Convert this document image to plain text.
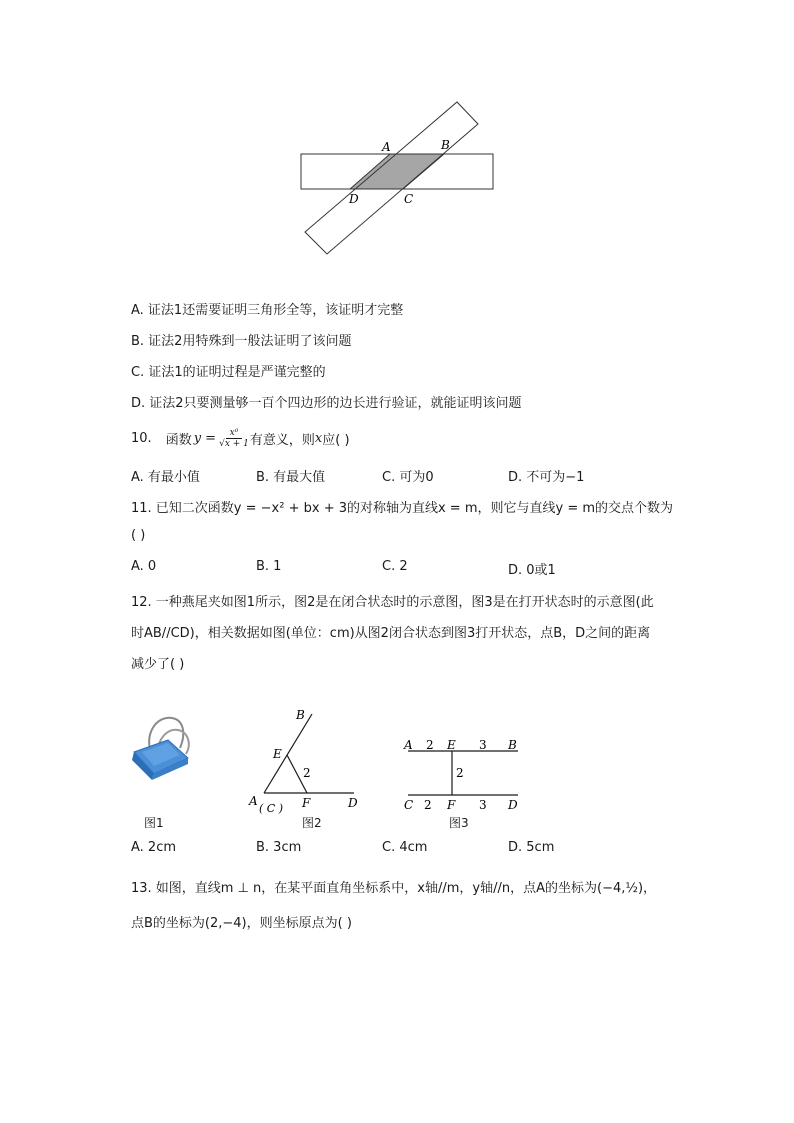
A	B
D	C
A. 证法1还需要证明三角形全等，该证明才完整
B. 证法2用特殊到一般法证明了该问题
C. 证法1的证明过程是严谨完整的
D. 证法2只要测量够一百个四边形的边长进行验证，就能证明该问题
10. 函数 $y = \frac{\text{x⁰}}{√x + 1}$ 有意义，则 x 应( )
A. 有最小值	B. 有最大值	C. 可为0	D. 不可为−1
11. 已知二次函数y = −x² + bx + 3的对称轴为直线x = m，则它与直线y = m的交点个数为
( )
A. 0	B. 1	C. 2	D. 0或1
12. 一种燕尾夹如图1所示，图2是在闭合状态时的示意图，图3是在打开状态时的示意图(此
时AB//CD)，相关数据如图(单位：cm)从图2闭合状态到图3打开状态，点B，D之间的距离
减少了( )
B
E
2
A
( C ) F	D
A 2 E 3 B
2
C 2 F 3 D
图1	图2	图3
A. 2cm	B. 3cm	C. 4cm	D. 5cm
13. 如图，直线m ⊥ n，在某平面直角坐标系中，x轴//m，y轴//n，点A的坐标为(−4,½)，
点B的坐标为(2,−4)，则坐标原点为( )
